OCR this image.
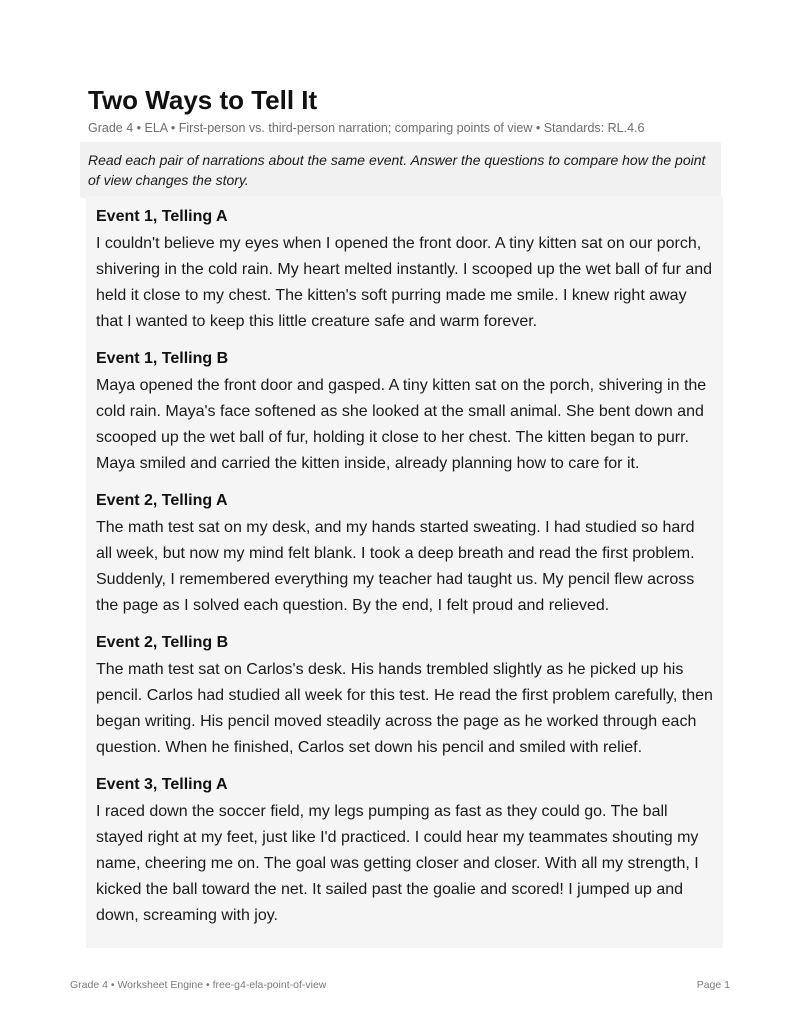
Two Ways to Tell It
Grade 4 • ELA • First-person vs. third-person narration; comparing points of view • Standards: RL.4.6
Read each pair of narrations about the same event. Answer the questions to compare how the point of view changes the story.
Event 1, Telling A

I couldn't believe my eyes when I opened the front door. A tiny kitten sat on our porch, shivering in the cold rain. My heart melted instantly. I scooped up the wet ball of fur and held it close to my chest. The kitten's soft purring made me smile. I knew right away that I wanted to keep this little creature safe and warm forever.

Event 1, Telling B

Maya opened the front door and gasped. A tiny kitten sat on the porch, shivering in the cold rain. Maya's face softened as she looked at the small animal. She bent down and scooped up the wet ball of fur, holding it close to her chest. The kitten began to purr. Maya smiled and carried the kitten inside, already planning how to care for it.

Event 2, Telling A

The math test sat on my desk, and my hands started sweating. I had studied so hard all week, but now my mind felt blank. I took a deep breath and read the first problem. Suddenly, I remembered everything my teacher had taught us. My pencil flew across the page as I solved each question. By the end, I felt proud and relieved.

Event 2, Telling B

The math test sat on Carlos's desk. His hands trembled slightly as he picked up his pencil. Carlos had studied all week for this test. He read the first problem carefully, then began writing. His pencil moved steadily across the page as he worked through each question. When he finished, Carlos set down his pencil and smiled with relief.

Event 3, Telling A

I raced down the soccer field, my legs pumping as fast as they could go. The ball stayed right at my feet, just like I'd practiced. I could hear my teammates shouting my name, cheering me on. The goal was getting closer and closer. With all my strength, I kicked the ball toward the net. It sailed past the goalie and scored! I jumped up and down, screaming with joy.

Grade 4 • Worksheet Engine • free-g4-ela-point-of-view	Page 1
